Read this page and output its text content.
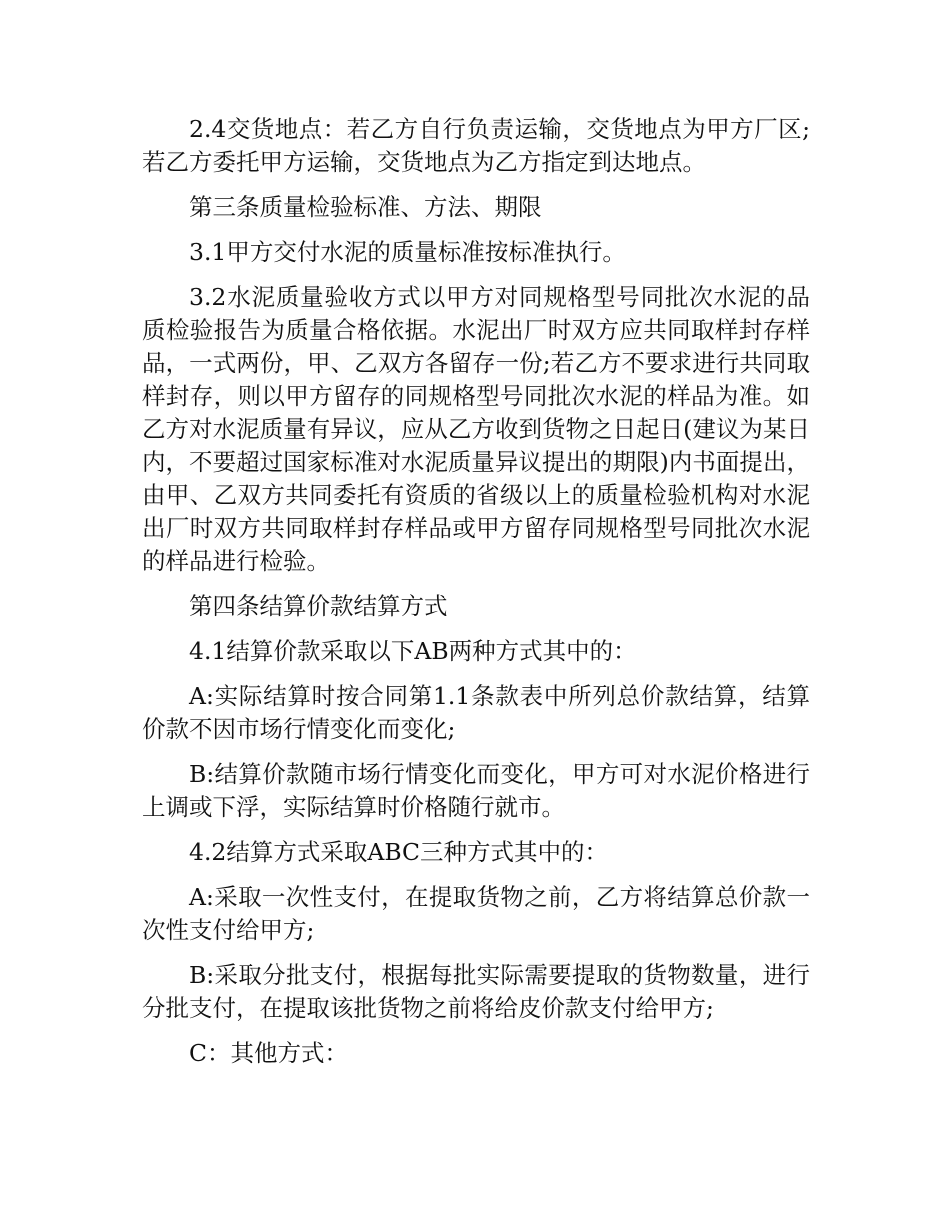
2.4交货地点：若乙方自行负责运输，交货地点为甲方厂区;若乙方委托甲方运输，交货地点为乙方指定到达地点。

第三条质量检验标准、方法、期限

3.1甲方交付水泥的质量标准按标准执行。

3.2水泥质量验收方式以甲方对同规格型号同批次水泥的品质检验报告为质量合格依据。水泥出厂时双方应共同取样封存样品，一式两份，甲、乙双方各留存一份;若乙方不要求进行共同取样封存，则以甲方留存的同规格型号同批次水泥的样品为准。如乙方对水泥质量有异议，应从乙方收到货物之日起日(建议为某日内，不要超过国家标准对水泥质量异议提出的期限)内书面提出，由甲、乙双方共同委托有资质的省级以上的质量检验机构对水泥出厂时双方共同取样封存样品或甲方留存同规格型号同批次水泥的样品进行检验。

第四条结算价款结算方式

4.1结算价款采取以下AB两种方式其中的：

A:实际结算时按合同第1.1条款表中所列总价款结算，结算价款不因市场行情变化而变化;

B:结算价款随市场行情变化而变化，甲方可对水泥价格进行上调或下浮，实际结算时价格随行就市。

4.2结算方式采取ABC三种方式其中的：

A:采取一次性支付，在提取货物之前，乙方将结算总价款一次性支付给甲方;

B:采取分批支付，根据每批实际需要提取的货物数量，进行分批支付，在提取该批货物之前将给皮价款支付给甲方;

C：其他方式：
